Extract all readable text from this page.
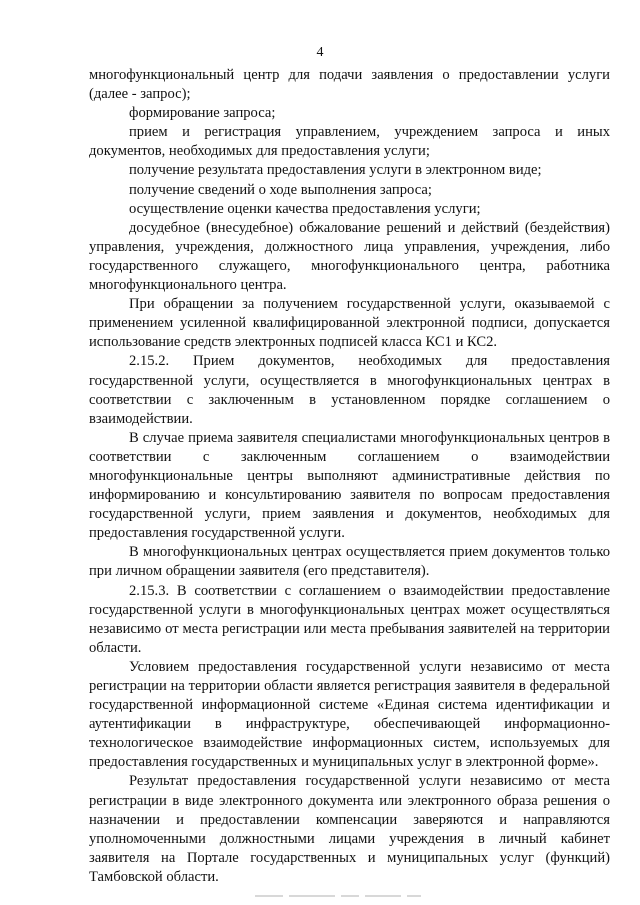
4

многофункциональный центр для подачи заявления о предоставлении услуги (далее - запрос);

формирование запроса;

прием и регистрация управлением, учреждением запроса и иных документов, необходимых для предоставления услуги;

получение результата предоставления услуги в электронном виде;

получение сведений о ходе выполнения запроса;

осуществление оценки качества предоставления услуги;

досудебное (внесудебное) обжалование решений и действий (бездействия) управления, учреждения, должностного лица управления, учреждения, либо государственного служащего, многофункционального центра, работника многофункционального центра.

При обращении за получением государственной услуги, оказываемой с применением усиленной квалифицированной электронной подписи, допускается использование средств электронных подписей класса КС1 и КС2.

2.15.2. Прием документов, необходимых для предоставления государственной услуги, осуществляется в многофункциональных центрах в соответствии с заключенным в установленном порядке соглашением о взаимодействии.

В случае приема заявителя специалистами многофункциональных центров в соответствии с заключенным соглашением о взаимодействии многофункциональные центры выполняют административные действия по информированию и консультированию заявителя по вопросам предоставления государственной услуги, прием заявления и документов, необходимых для предоставления государственной услуги.

В многофункциональных центрах осуществляется прием документов только при личном обращении заявителя (его представителя).

2.15.3. В соответствии с соглашением о взаимодействии предоставление государственной услуги в многофункциональных центрах может осуществляться независимо от места регистрации или места пребывания заявителей на территории области.

Условием предоставления государственной услуги независимо от места регистрации на территории области является регистрация заявителя в федеральной государственной информационной системе «Единая система идентификации и аутентификации в инфраструктуре, обеспечивающей информационно-технологическое взаимодействие информационных систем, используемых для предоставления государственных и муниципальных услуг в электронной форме».

Результат предоставления государственной услуги независимо от места регистрации в виде электронного документа или электронного образа решения о назначении и предоставлении компенсации заверяются и направляются уполномоченными должностными лицами учреждения в личный кабинет заявителя на Портале государственных и муниципальных услуг (функций) Тамбовской области.
